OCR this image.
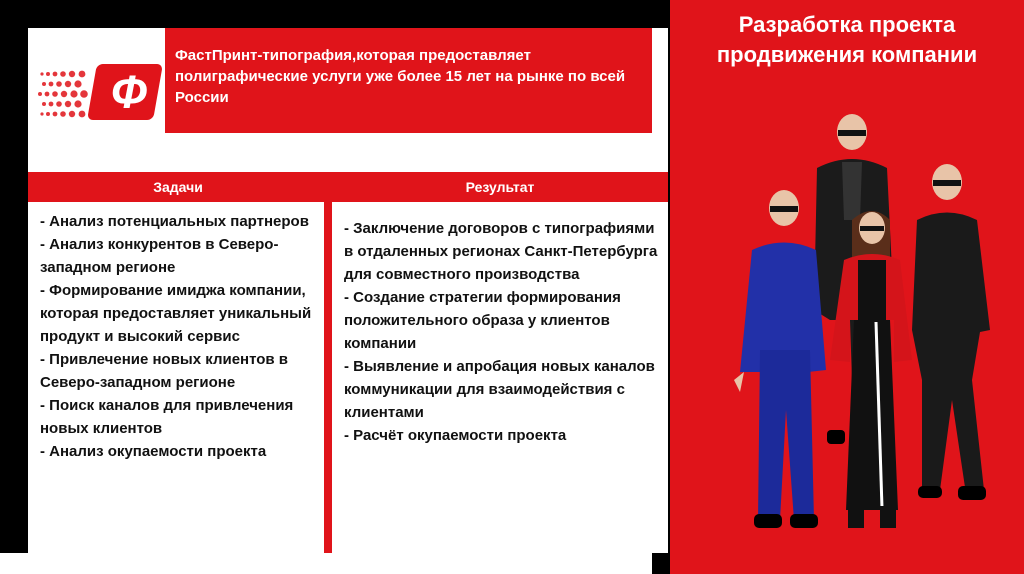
Разработка проекта продвижения компании
Ф
ФастПринт-типография,которая предоставляет полиграфические услуги уже более 15 лет на рынке по всей России
Задачи	Результат
- Анализ потенциальных партнеров
- Анализ конкурентов в Северо-западном регионе
- Формирование имиджа компании, которая предоставляет уникальный продукт и высокий сервис
- Привлечение новых клиентов в Северо-западном регионе
- Поиск каналов для привлечения новых клиентов
- Анализ окупаемости проекта
- Заключение договоров с типографиями в отдаленных регионах Санкт-Петербурга для совместного производства
- Создание стратегии формирования положительного образа у клиентов компании
- Выявление и апробация новых каналов коммуникации для взаимодействия с клиентами
- Расчёт окупаемости проекта
